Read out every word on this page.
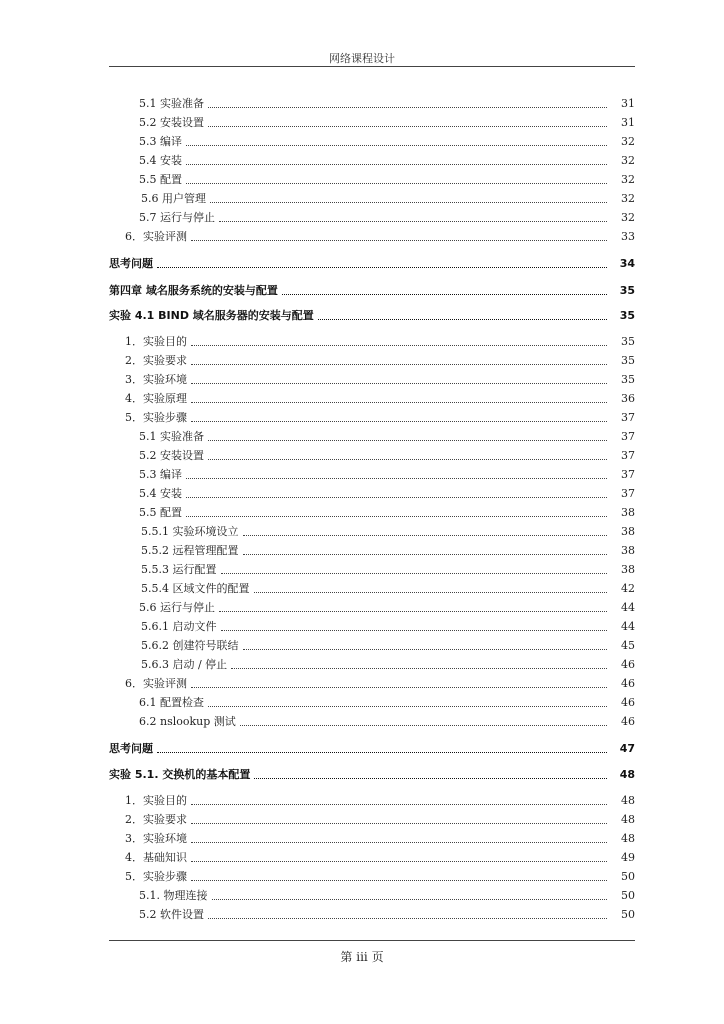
网络课程设计
5.1 实验准备	31
5.2 安装设置	31
5.3 编译	32
5.4 安装	32
5.5 配置	32
5.6 用户管理	32
5.7 运行与停止	32
6．实验评测	33
思考问题	34
第四章 域名服务系统的安装与配置	35
实验 4.1 BIND 域名服务器的安装与配置	35
1．实验目的	35
2．实验要求	35
3．实验环境	35
4．实验原理	36
5．实验步骤	37
5.1 实验准备	37
5.2 安装设置	37
5.3 编译	37
5.4 安装	37
5.5 配置	38
5.5.1 实验环境设立	38
5.5.2 远程管理配置	38
5.5.3 运行配置	38
5.5.4 区域文件的配置	42
5.6 运行与停止	44
5.6.1 启动文件	44
5.6.2 创建符号联结	45
5.6.3 启动 / 停止	46
6．实验评测	46
6.1 配置检查	46
6.2 nslookup 测试	46
思考问题	47
实验 5.1. 交换机的基本配置	48
1．实验目的	48
2．实验要求	48
3．实验环境	48
4．基础知识	49
5．实验步骤	50
5.1. 物理连接	50
5.2 软件设置	50
第 iii 页
